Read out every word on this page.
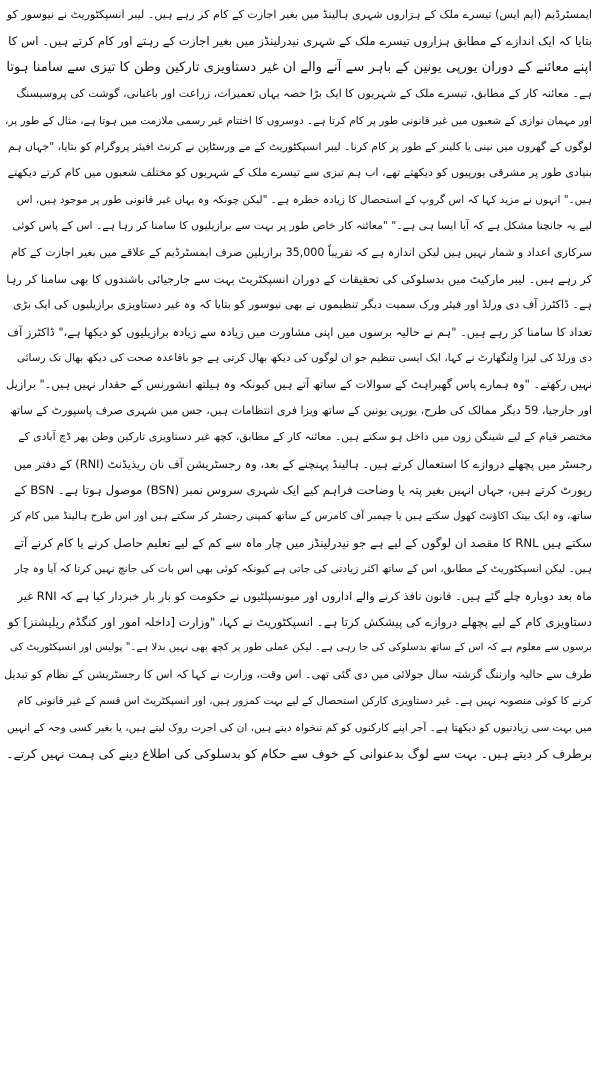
ایمسٹرڈیم (ایم ایس) تیسرے ملک کے ہزاروں شہری ہالینڈ میں بغیر اجازت کے کام کر رہے ہیں۔ لیبر انسپکٹوریٹ نے نیوسور کو
بتایا کہ ایک اندازے کے مطابق ہزاروں تیسرے ملک کے شہری نیدرلینڈز میں بغیر اجازت کے رہتے اور کام کرتے ہیں۔ اس کا
اپنے معائنے کے دوران یورپی یونین کے باہر سے آنے والے ان غیر دستاویزی تارکین وطن کا تیزی سے سامنا ہوتا
ہے۔ معائنہ کار کے مطابق، تیسرے ملک کے شہریوں کا ایک بڑا حصہ یہاں تعمیرات، زراعت اور باغبانی، گوشت کی پروسیسنگ
اور مہمان نوازی کے شعبوں میں غیر قانونی طور پر کام کرتا ہے۔ دوسروں کا اختتام غیر رسمی ملازمت میں ہوتا ہے، مثال کے طور پر،
لوگوں کے گھروں میں نینی یا کلینر کے طور پر کام کرنا۔ لیبر انسپکٹوریٹ کے مے ورسٹاپن نے کرنٹ افیئر پروگرام کو بتایا، "جہاں ہم
بنیادی طور پر مشرقی یورپیوں کو دیکھتے تھے، اب ہم تیزی سے تیسرے ملک کے شہریوں کو مختلف شعبوں میں کام کرتے دیکھتے
ہیں۔" انہوں نے مزید کہا کہ اس گروپ کے استحصال کا زیادہ خطرہ ہے۔ "لیکن چونکہ وہ یہاں غیر قانونی طور پر موجود ہیں، اس
لیے یہ جانچنا مشکل ہے کہ آیا ایسا ہی ہے۔" "معائنہ کار خاص طور پر بہت سے برازیلیوں کا سامنا کر رہا ہے۔ اس کے پاس کوئی
سرکاری اعداد و شمار نہیں ہیں لیکن اندازہ ہے کہ تقریباً 35,000 برازیلین صرف ایمسٹرڈیم کے علاقے میں بغیر اجازت کے کام
کر رہے ہیں۔ لیبر مارکیٹ میں بدسلوکی کی تحقیقات کے دوران انسپکٹریٹ بہت سے جارجیائی باشندوں کا بھی سامنا کر رہا
ہے۔ ڈاکٹرز آف دی ورلڈ اور فیئر ورک سمیت دیگر تنظیموں نے بھی نیوسور کو بتایا کہ وہ غیر دستاویزی برازیلیوں کی ایک بڑی
تعداد کا سامنا کر رہے ہیں۔ "ہم نے حالیہ برسوں میں اپنی مشاورت میں زیادہ سے زیادہ برازیلیوں کو دیکھا ہے،" ڈاکٹرز آف
دی ورلڈ کی لیزا وِلنگھارٹ نے کہا، ایک ایسی تنظیم جو ان لوگوں کی دیکھ بھال کرتی ہے جو باقاعدہ صحت کی دیکھ بھال تک رسائی
نہیں رکھتے۔ "وہ ہمارے پاس گھبراہٹ کے سوالات کے ساتھ آتے ہیں کیونکہ وہ ہیلتھ انشورنس کے حقدار نہیں ہیں۔" برازیل
اور جارجیا، 59 دیگر ممالک کی طرح، یورپی یونین کے ساتھ ویزا فری انتظامات ہیں، جس میں شہری صرف پاسپورٹ کے ساتھ
مختصر قیام کے لیے شینگن زون میں داخل ہو سکتے ہیں۔ معائنہ کار کے مطابق، کچھ غیر دستاویزی تارکین وطن پھر ڈچ آبادی کے
رجسٹر میں پچھلے دروازے کا استعمال کرتے ہیں۔ ہالینڈ پہنچنے کے بعد، وہ رجسٹریشن آف نان ریذیڈنٹ (RNI) کے دفتر میں
رپورٹ کرتے ہیں، جہاں انہیں بغیر پتہ یا وضاحت فراہم کیے ایک شہری سروس نمبر (BSN) موصول ہوتا ہے۔ BSN کے
ساتھ، وہ ایک بینک اکاؤنٹ کھول سکتے ہیں یا چیمبر آف کامرس کے ساتھ کمپنی رجسٹر کر سکتے ہیں اور اس طرح ہالینڈ میں کام کر
سکتے ہیں RNL کا مقصد ان لوگوں کے لیے ہے جو نیدرلینڈز میں چار ماہ سے کم کے لیے تعلیم حاصل کرنے یا کام کرنے آتے
ہیں۔ لیکن انسپکٹوریٹ کے مطابق، اس کے ساتھ اکثر زیادتی کی جاتی ہے کیونکہ کوئی بھی اس بات کی جانچ نہیں کرتا کہ آیا وہ چار
ماہ بعد دوبارہ چلے گئے ہیں۔ قانون نافذ کرنے والے اداروں اور میونسپلٹیوں نے حکومت کو بار بار خبردار کیا ہے کہ RNI غیر
دستاویزی کام کے لیے پچھلے دروازے کی پیشکش کرتا ہے۔ انسپکٹوریٹ نے کہا، "وزارت [داخلہ امور اور کنگڈم ریلیشنز] کو
برسوں سے معلوم ہے کہ اس کے ساتھ بدسلوکی کی جا رہی ہے۔ لیکن عملی طور پر کچھ بھی نہیں بدلا ہے۔" پولیس اور انسپکٹوریٹ کی
طرف سے حالیہ وارننگ گزشتہ سال جولائی میں دی گئی تھی۔ اس وقت، وزارت نے کہا کہ اس کا رجسٹریشن کے نظام کو تبدیل
کرنے کا کوئی منصوبہ نہیں ہے۔ غیر دستاویزی کارکن استحصال کے لیے بہت کمزور ہیں، اور انسپکٹریٹ اس قسم کے غیر قانونی کام
میں بہت سی زیادتیوں کو دیکھتا ہے۔ آجر اپنے کارکنوں کو کم تنخواہ دیتے ہیں، ان کی اجرت روک لیتے ہیں، یا بغیر کسی وجہ کے انہیں
برطرف کر دیتے ہیں۔ بہت سے لوگ بدعنوانی کے خوف سے حکام کو بدسلوکی کی اطلاع دینے کی ہمت نہیں کرتے۔
